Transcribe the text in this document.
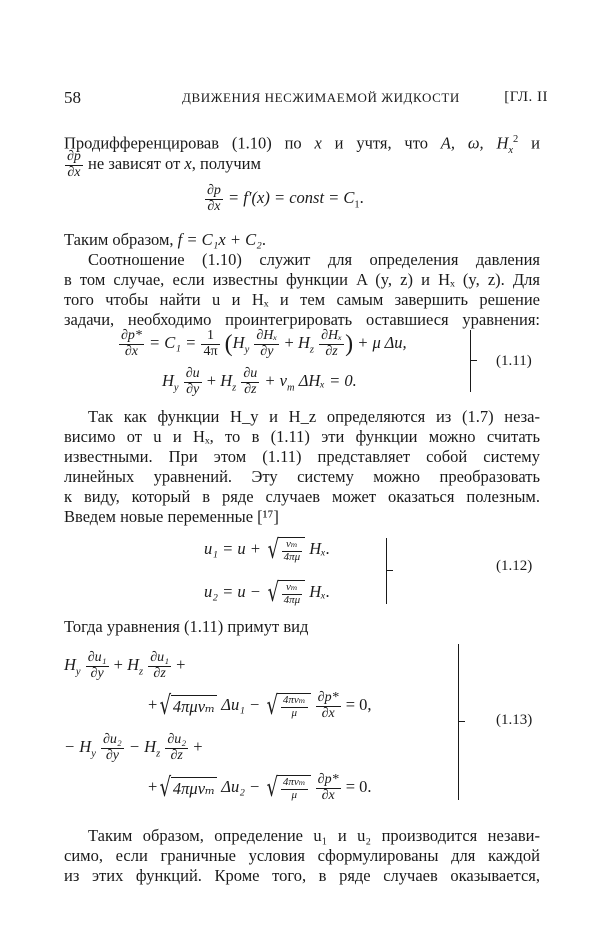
58	ДВИЖЕНИЯ НЕСЖИМАЕМОЙ ЖИДКОСТИ	[ГЛ. II
Продифференцировав (1.10) по x и учтя, что A, ω, $H_x^2$ и
$\frac{\partial p}{\partial x}$ не зависят от x, получим
$\frac{\partial p}{\partial x} = f'(x)$ = const = $C_1$.
Таким образом, f = C₁x + C₂.
Соотношение (1.10) служит для определения давления
в том случае, если известны функции A (y, z) и Hₓ (y, z). Для
того чтобы найти u и Hₓ и тем самым завершить решение
задачи, необходимо проинтегрировать оставшиеся уравнения:
$\frac{\partial p*}{\partial x} = C_1 = \frac{1}{4\pi} (H_y \frac{\text{∂Hₓ}}{\partial y} + H_z \frac{\text{∂Hₓ}}{\partial z}$ ) + μ Δu,
$H_y \frac{\partial u}{\partial y} + H_z \frac{\partial u}{\partial z} + \nu_m$ ΔHₓ = 0.
(1.11)
Так как функции H_y и H_z определяются из (1.7) неза-
висимо от u и Hₓ, то в (1.11) эти функции можно считать
известными. При этом (1.11) представляет собой систему
линейных уравнений. Эту систему можно преобразовать
к виду, который в ряде случаев может оказаться полезным.
Введем новые переменные [¹⁷]
u₁ = u + √ $\frac{\text{νₘ}}{4\pi\mu} H_x$.
u₂ = u − √ $\frac{\text{νₘ}}{4\pi\mu} H_x$.
(1.12)
Тогда уравнения (1.11) примут вид
$H_y \frac{\text{∂u₁}}{\partial y} + H_z \frac{\text{∂u₁}}{\partial z}$ +
+√4πμνₘ Δu₁ − √ $\frac{\text{4πνₘ}}{\mu}$
$\frac{\partial p*}{\partial x} = 0$,
− $H_y \frac{\text{∂u₂}}{\partial y} - H_z \frac{\text{∂u₂}}{\partial z}$ +
+√4πμνₘ Δu₂ − √ $\frac{\text{4πνₘ}}{\mu}$
$\frac{\partial p*}{\partial x} = 0$.
(1.13)
Таким образом, определение u₁ и u₂ производится незави-
симо, если граничные условия сформулированы для каждой
из этих функций. Кроме того, в ряде случаев оказывается,
